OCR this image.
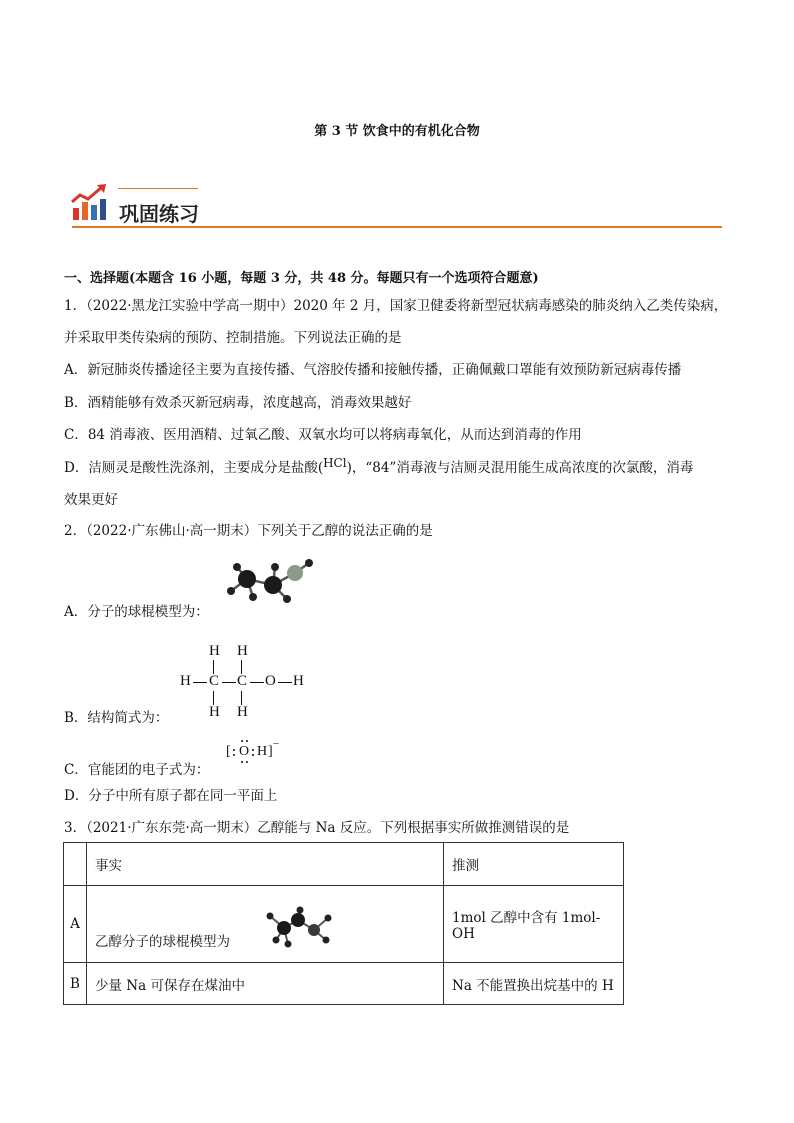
第 3 节 饮食中的有机化合物
巩固练习
一、选择题(本题含 16 小题，每题 3 分，共 48 分。每题只有一个选项符合题意)
1．（2022·黑龙江实验中学高一期中）2020 年 2 月，国家卫健委将新型冠状病毒感染的肺炎纳入乙类传染病，
并采取甲类传染病的预防、控制措施。下列说法正确的是
A．新冠肺炎传播途径主要为直接传播、气溶胶传播和接触传播，正确佩戴口罩能有效预防新冠病毒传播
B．酒精能够有效杀灭新冠病毒，浓度越高，消毒效果越好
C．84 消毒液、医用酒精、过氧乙酸、双氧水均可以将病毒氧化，从而达到消毒的作用
D．洁厕灵是酸性洗涤剂，主要成分是盐酸(HCl)，“84”消毒液与洁厕灵混用能生成高浓度的次氯酸，消毒
效果更好
2．（2022·广东佛山·高一期末）下列关于乙醇的说法正确的是
A．分子的球棍模型为：
H H
H C C O H
H H
B．结构简式为：
[ O H ] −
C．官能团的电子式为：
D．分子中所有原子都在同一平面上
3．（2021·广东东莞·高一期末）乙醇能与 Na 反应。下列根据事实所做推测错误的是
	事实	推测
A	乙醇分子的球棍模型为	1mol 乙醇中含有 1mol-OH
B	少量 Na 可保存在煤油中	Na 不能置换出烷基中的 H
